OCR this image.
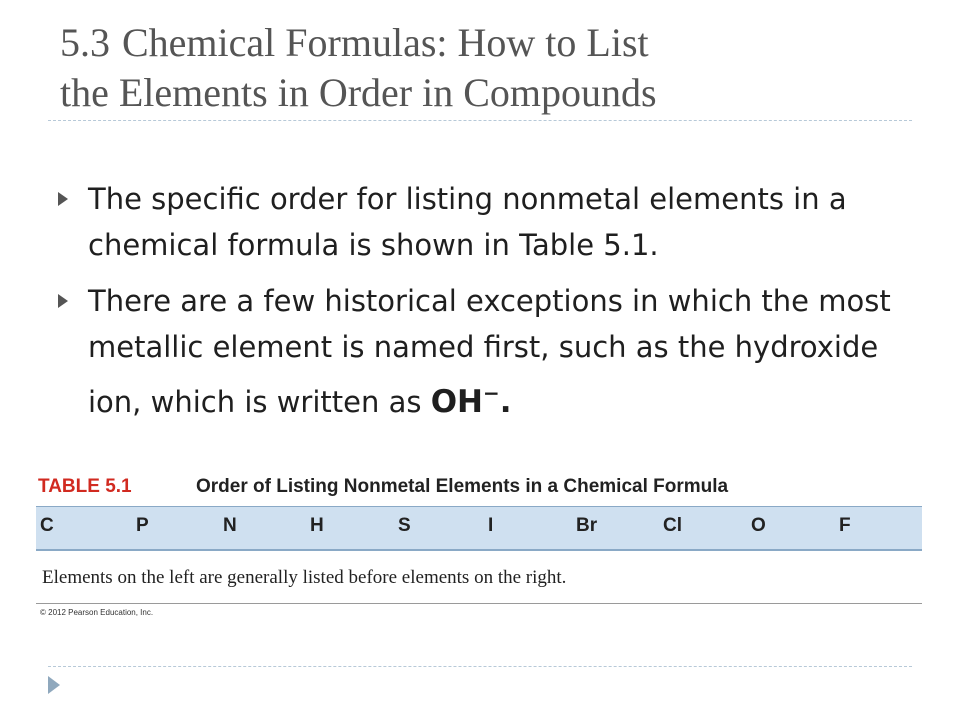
5.3 Chemical Formulas: How to List
the Elements in Order in Compounds
The specific order for listing nonmetal elements in a chemical formula is shown in Table 5.1.
There are a few historical exceptions in which the most metallic element is named first, such as the hydroxide ion, which is written as OH−.
TABLE 5.1	Order of Listing Nonmetal Elements in a Chemical Formula
C	P	N	H	S	I	Br	Cl	O	F
Elements on the left are generally listed before elements on the right.
© 2012 Pearson Education, Inc.
